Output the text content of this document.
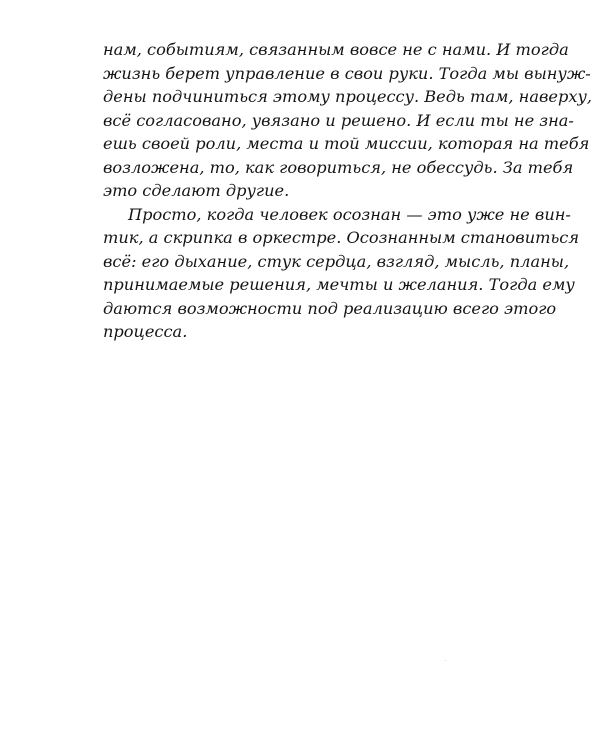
нам, событиям, связанным вовсе не с нами. И тогда
жизнь берет управление в свои руки. Тогда мы вынуж-
дены подчиниться этому процессу. Ведь там, наверху,
всё согласовано, увязано и решено. И если ты не зна-
ешь своей роли, места и той миссии, которая на тебя
возложена, то, как говориться, не обессудь. За тебя
это сделают другие.
Просто, когда человек осознан — это уже не вин-
тик, а скрипка в оркестре. Осознанным становиться
всё: его дыхание, стук сердца, взгляд, мысль, планы,
принимаемые решения, мечты и желания. Тогда ему
даются возможности под реализацию всего этого
процесса.
